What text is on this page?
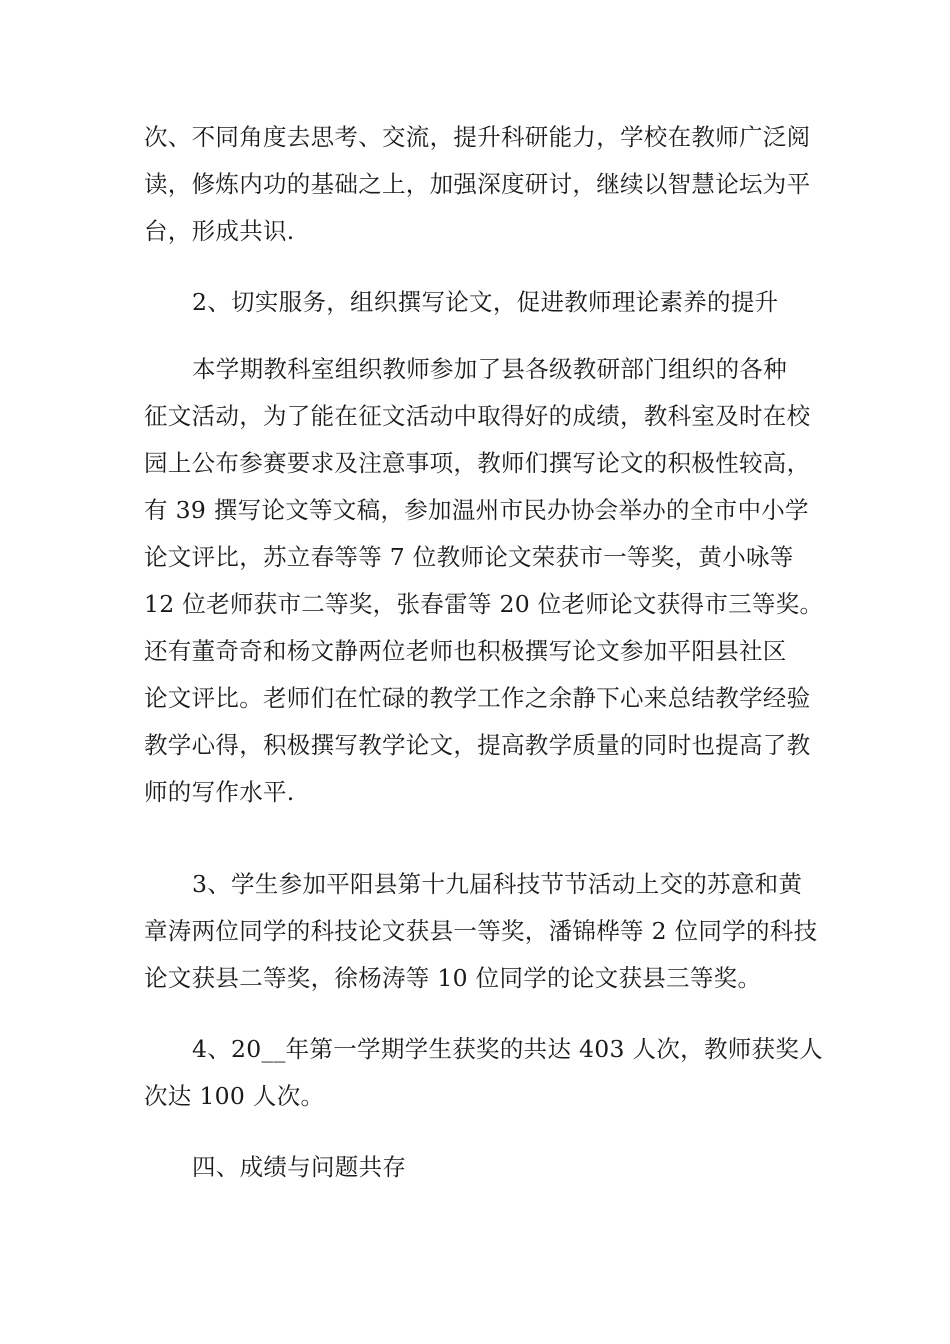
次、不同角度去思考、交流，提升科研能力，学校在教师广泛阅
读，修炼内功的基础之上，加强深度研讨，继续以智慧论坛为平
台，形成共识.
2、切实服务，组织撰写论文，促进教师理论素养的提升
本学期教科室组织教师参加了县各级教研部门组织的各种
征文活动，为了能在征文活动中取得好的成绩，教科室及时在校
园上公布参赛要求及注意事项，教师们撰写论文的积极性较高，
有 39 撰写论文等文稿，参加温州市民办协会举办的全市中小学
论文评比，苏立春等等 7 位教师论文荣获市一等奖，黄小咏等
12 位老师获市二等奖，张春雷等 20 位老师论文获得市三等奖。
还有董奇奇和杨文静两位老师也积极撰写论文参加平阳县社区
论文评比。老师们在忙碌的教学工作之余静下心来总结教学经验
教学心得，积极撰写教学论文，提高教学质量的同时也提高了教
师的写作水平.
3、学生参加平阳县第十九届科技节节活动上交的苏意和黄
章涛两位同学的科技论文获县一等奖，潘锦桦等 2 位同学的科技
论文获县二等奖，徐杨涛等 10 位同学的论文获县三等奖。
4、20__年第一学期学生获奖的共达 403 人次，教师获奖人
次达 100 人次。
四、成绩与问题共存
